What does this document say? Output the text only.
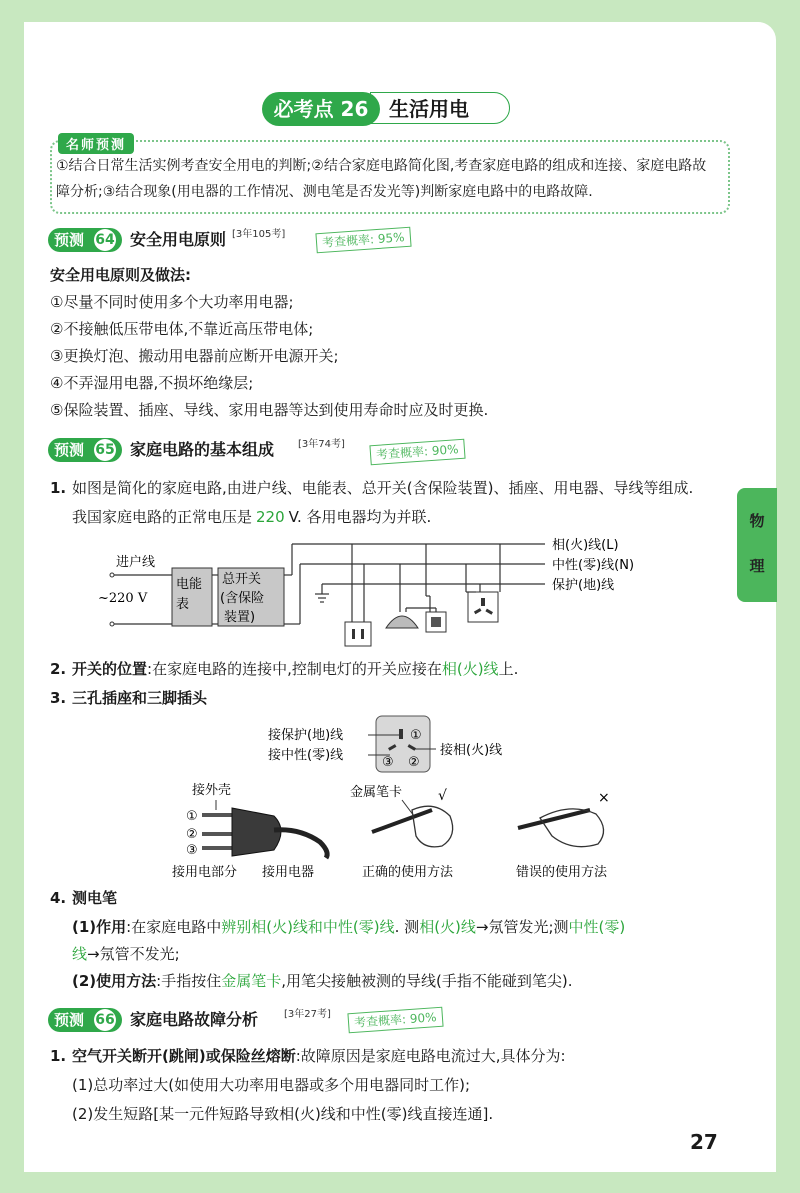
生活用电
必考点 26
名师预测
①结合日常生活实例考查安全用电的判断;②结合家庭电路简化图,考查家庭电路的组成和连接、家庭电路故
障分析;③结合现象(用电器的工作情况、测电笔是否发光等)判断家庭电路中的电路故障.
预测 64 安全用电原则 [3年105考]	考查概率: 95%
安全用电原则及做法:
①尽量不同时使用多个大功率用电器;
②不接触低压带电体,不靠近高压带电体;
③更换灯泡、搬动用电器前应断开电源开关;
④不弄湿用电器,不损坏绝缘层;
⑤保险装置、插座、导线、家用电器等达到使用寿命时应及时更换.
预测 65 家庭电路的基本组成 [3年74考]	考查概率: 90%
1. 如图是简化的家庭电路,由进户线、电能表、总开关(含保险装置)、插座、用电器、导线等组成.
我国家庭电路的正常电压是 220 V. 各用电器均为并联.
进户线
~220 V
电能
表
总开关
(含保险
装置)
相(火)线(L)
中性(零)线(N)
保护(地)线
2. 开关的位置:在家庭电路的连接中,控制电灯的开关应接在相(火)线上.
3. 三孔插座和三脚插头
接保护(地)线
接中性(零)线
①
③ ②
接相(火)线
接外壳
①
②
③
接用电部分 接用电器
金属笔卡	√
正确的使用方法
×
错误的使用方法
4. 测电笔
(1)作用:在家庭电路中辨别相(火)线和中性(零)线. 测相(火)线→氖管发光;测中性(零)
线→氖管不发光;
(2)使用方法:手指按住金属笔卡,用笔尖接触被测的导线(手指不能碰到笔尖).
预测 66 家庭电路故障分析	[3年27考]	考查概率: 90%
1. 空气开关断开(跳闸)或保险丝熔断:故障原因是家庭电路电流过大,具体分为:
(1)总功率过大(如使用大功率用电器或多个用电器同时工作);
(2)发生短路[某一元件短路导致相(火)线和中性(零)线直接连通].
物
理
27
